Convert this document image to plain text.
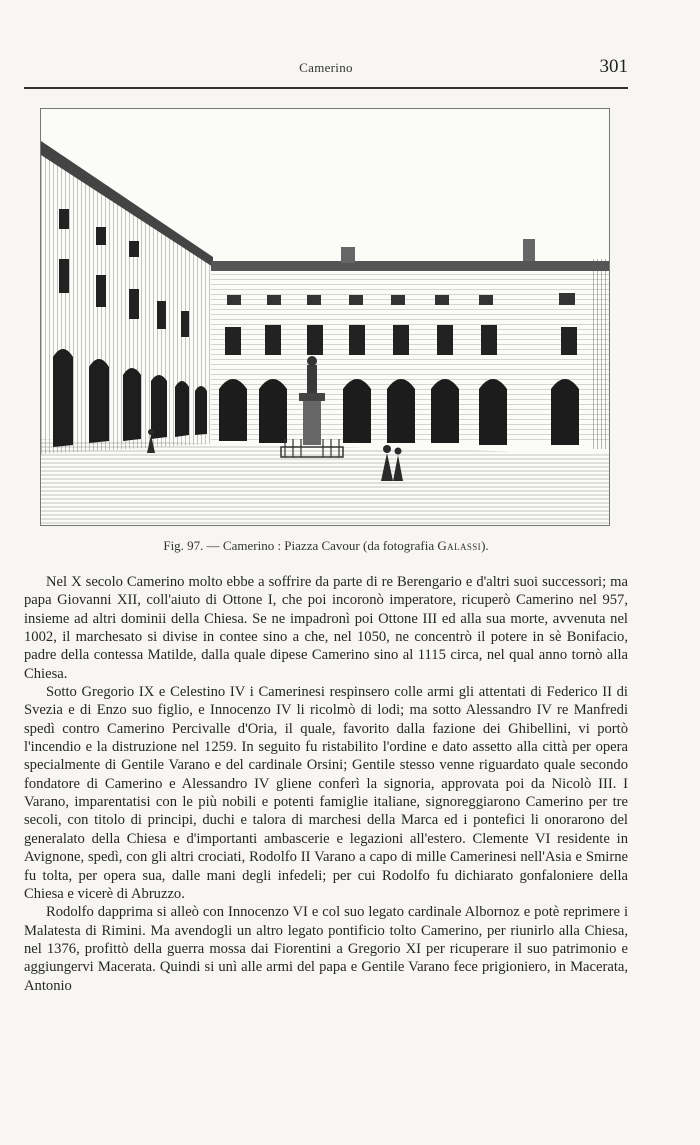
Camerino	301
Fig. 97. — Camerino : Piazza Cavour (da fotografia Galassi).

Nel X secolo Camerino molto ebbe a soffrire da parte di re Berengario e d'altri suoi successori; ma papa Giovanni XII, coll'aiuto di Ottone I, che poi incoronò imperatore, ricuperò Camerino nel 957, insieme ad altri dominii della Chiesa. Se ne impadronì poi Ottone III ed alla sua morte, avvenuta nel 1002, il marchesato si divise in contee sino a che, nel 1050, ne concentrò il potere in sè Bonifacio, padre della contessa Matilde, dalla quale dipese Camerino sino al 1115 circa, nel qual anno tornò alla Chiesa.

Sotto Gregorio IX e Celestino IV i Camerinesi respinsero colle armi gli attentati di Federico II di Svezia e di Enzo suo figlio, e Innocenzo IV li ricolmò di lodi; ma sotto Alessandro IV re Manfredi spedì contro Camerino Percivalle d'Oria, il quale, favorito dalla fazione dei Ghibellini, vi portò l'incendio e la distruzione nel 1259. In seguito fu ristabilito l'ordine e dato assetto alla città per opera specialmente di Gentile Varano e del cardinale Orsini; Gentile stesso venne riguardato quale secondo fondatore di Camerino e Alessandro IV gliene conferì la signoria, approvata poi da Nicolò III. I Varano, imparentatisi con le più nobili e potenti famiglie italiane, signoreggiarono Camerino per tre secoli, con titolo di principi, duchi e talora di marchesi della Marca ed i pontefici li onorarono del generalato della Chiesa e d'importanti ambascerie e legazioni all'estero. Clemente VI residente in Avignone, spedì, con gli altri crociati, Rodolfo II Varano a capo di mille Camerinesi nell'Asia e Smirne fu tolta, per opera sua, dalle mani degli infedeli; per cui Rodolfo fu dichiarato gonfaloniere della Chiesa e vicerè di Abruzzo.

Rodolfo dapprima si alleò con Innocenzo VI e col suo legato cardinale Albornoz e potè reprimere i Malatesta di Rimini. Ma avendogli un altro legato pontificio tolto Camerino, per riunirlo alla Chiesa, nel 1376, profittò della guerra mossa dai Fiorentini a Gregorio XI per ricuperare il suo patrimonio e aggiungervi Macerata. Quindi si unì alle armi del papa e Gentile Varano fece prigioniero, in Macerata, Antonio
